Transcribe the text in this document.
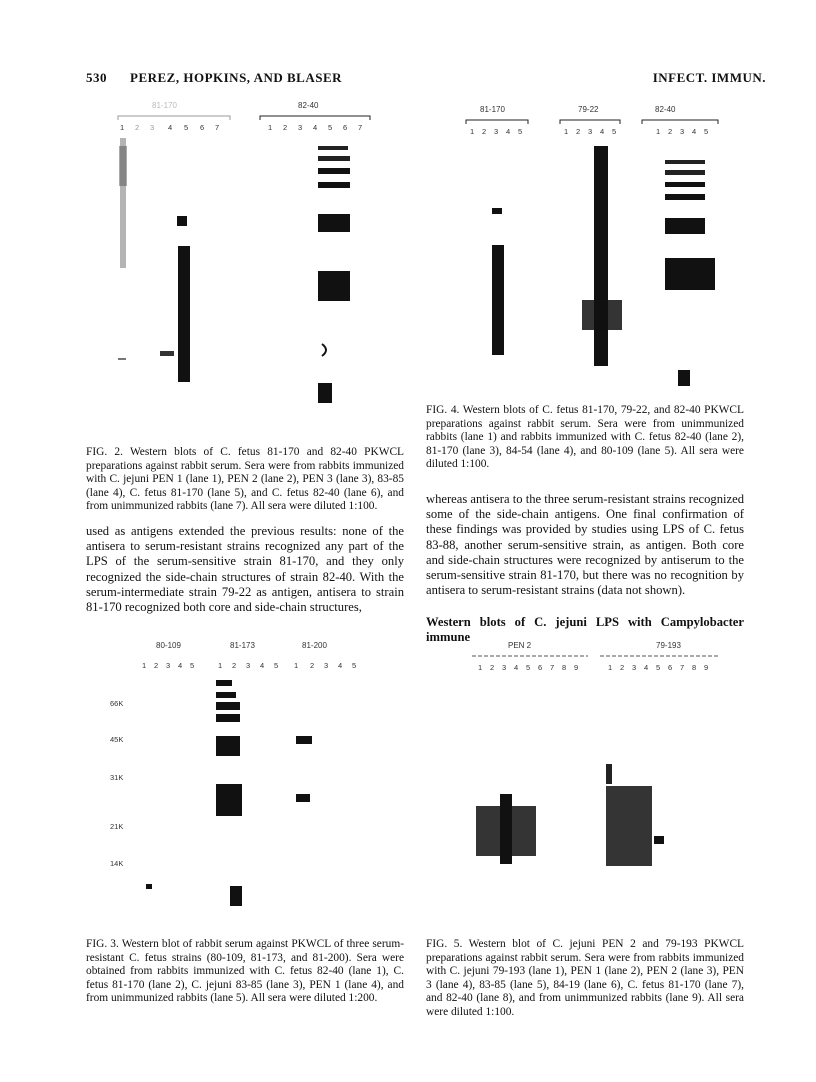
530 PEREZ, HOPKINS, AND BLASER	INFECT. IMMUN.
81-170	82-40
1 2 3 4 5 6 7	1 2 3 4 5 6 7
81-170	79-22	82-40
1 2 3 4 5	1 2 3 4 5	1 2 3 4 5

FIG. 2. Western blots of C. fetus 81-170 and 82-40 PKWCL preparations against rabbit serum. Sera were from rabbits immunized with C. jejuni PEN 1 (lane 1), PEN 2 (lane 2), PEN 3 (lane 3), 83-85 (lane 4), C. fetus 81-170 (lane 5), and C. fetus 82-40 (lane 6), and from unimmunized rabbits (lane 7). All sera were diluted 1:100.

FIG. 4. Western blots of C. fetus 81-170, 79-22, and 82-40 PKWCL preparations against rabbit serum. Sera were from unimmunized rabbits (lane 1) and rabbits immunized with C. fetus 82-40 (lane 2), 81-170 (lane 3), 84-54 (lane 4), and 80-109 (lane 5). All sera were diluted 1:100.

used as antigens extended the previous results: none of the antisera to serum-resistant strains recognized any part of the LPS of the serum-sensitive strain 81-170, and they only recognized the side-chain structures of strain 82-40. With the serum-intermediate strain 79-22 as antigen, antisera to strain 81-170 recognized both core and side-chain structures,

whereas antisera to the three serum-resistant strains recognized some of the side-chain antigens. One final confirmation of these findings was provided by studies using LPS of C. fetus 83-88, another serum-sensitive strain, as antigen. Both core and side-chain structures were recognized by antiserum to the serum-sensitive strain 81-170, but there was no recognition by antisera to serum-resistant strains (data not shown).

Western blots of C. jejuni LPS with Campylobacter immune

80-109	81-173	81-200
1 2 3 4 5	1 2 3 4 5 1 2 3 4 5
66K
45K
31K
21K
14K
PEN 2	79-193
1 2 3 4 5 6 7 8 9	1 2 3 4 5 6 7 8 9

FIG. 3. Western blot of rabbit serum against PKWCL of three serum-resistant C. fetus strains (80-109, 81-173, and 81-200). Sera were obtained from rabbits immunized with C. fetus 82-40 (lane 1), C. fetus 81-170 (lane 2), C. jejuni 83-85 (lane 3), PEN 1 (lane 4), and from unimmunized rabbits (lane 5). All sera were diluted 1:200.

FIG. 5. Western blot of C. jejuni PEN 2 and 79-193 PKWCL preparations against rabbit serum. Sera were from rabbits immunized with C. jejuni 79-193 (lane 1), PEN 1 (lane 2), PEN 2 (lane 3), PEN 3 (lane 4), 83-85 (lane 5), 84-19 (lane 6), C. fetus 81-170 (lane 7), and 82-40 (lane 8), and from unimmunized rabbits (lane 9). All sera were diluted 1:100.
